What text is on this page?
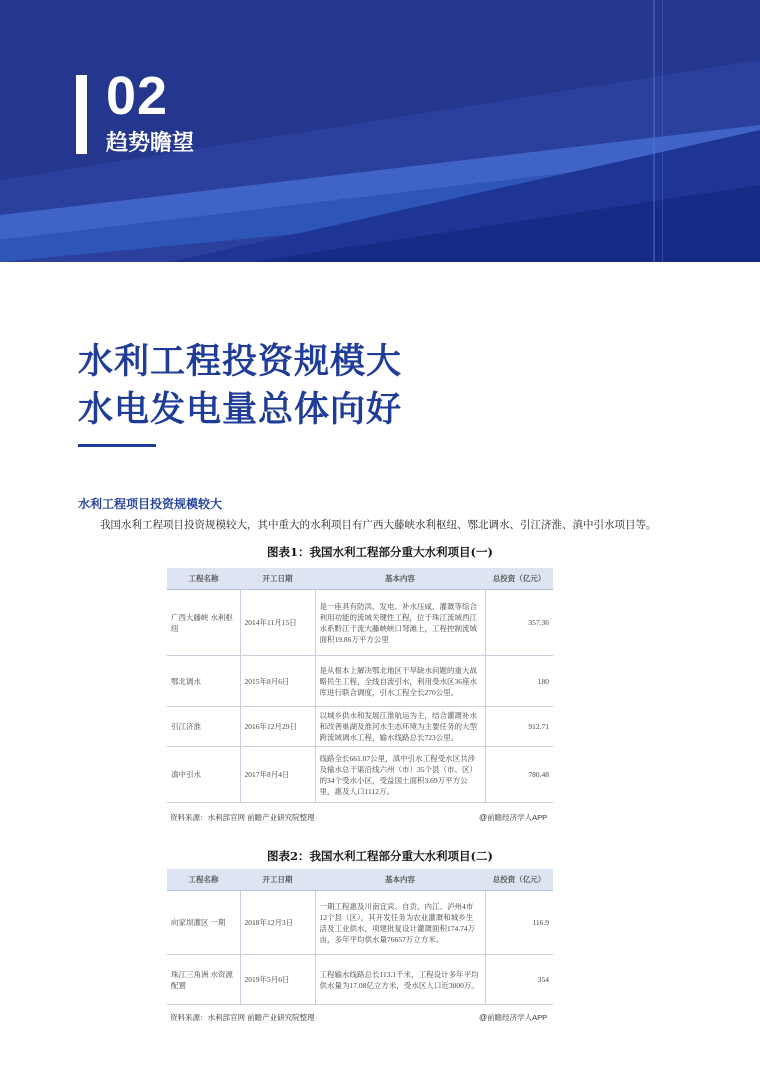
02
趋势瞻望
水利工程投资规模大
水电发电量总体向好
水利工程项目投资规模较大
我国水利工程项目投资规模较大，其中重大的水利项目有广西大藤峡水利枢纽、鄂北调水、引江济淮、滇中引水项目等。
图表1：我国水利工程部分重大水利项目(一)
工程名称	开工日期	基本内容	总投资（亿元）
广西大藤峡 水利枢纽	2014年11月15日	是一座具有防洪、发电、补水压咸、灌溉等综合利用功能的流域关键性工程，位于珠江流域西江水系黔江干流大藤峡峡口弩滩上，工程控制流域面积19.86万平方公里	357.36
鄂北调水	2015年8月6日	是从根本上解决鄂北地区干旱缺水问题的重大战略民生工程，全线自流引水，利用受水区36座水库进行联合调度，引水工程全长270公里。	180
引江济淮	2016年12月29日	以城乡供水和发展江淮航运为主，结合灌溉补水和改善巢湖及淮河水生态环境为主要任务的大型跨流域调水工程，输水线路总长723公里。	912.71
滇中引水	2017年8月4日	线路全长661.07公里，滇中引水工程受水区共涉及输水总干渠沿线六州（市）35个县（市、区）的34个受水小区，受益国土面积3.69万平方公里，惠及人口1112万。	780.48
资料来源：水利部官网 前瞻产业研究院整理	@前瞻经济学人APP
图表2：我国水利工程部分重大水利项目(二)
工程名称	开工日期	基本内容	总投资（亿元）
向家坝灌区 一期	2018年12月3日	一期工程惠及川南宜宾、自贡、内江、泸州4市12个县（区），其开发任务为农业灌溉和城乡生活及工业供水，项建批复设计灌溉面积174.74万亩，多年平均供水量76657万立方米。	116.9
珠江三角洲 水资源配置	2019年5月6日	工程输水线路总长113.1千米，工程设计多年平均供水量为17.08亿立方米，受水区人口近3000万。	354
资料来源：水利部官网 前瞻产业研究院整理	@前瞻经济学人APP
